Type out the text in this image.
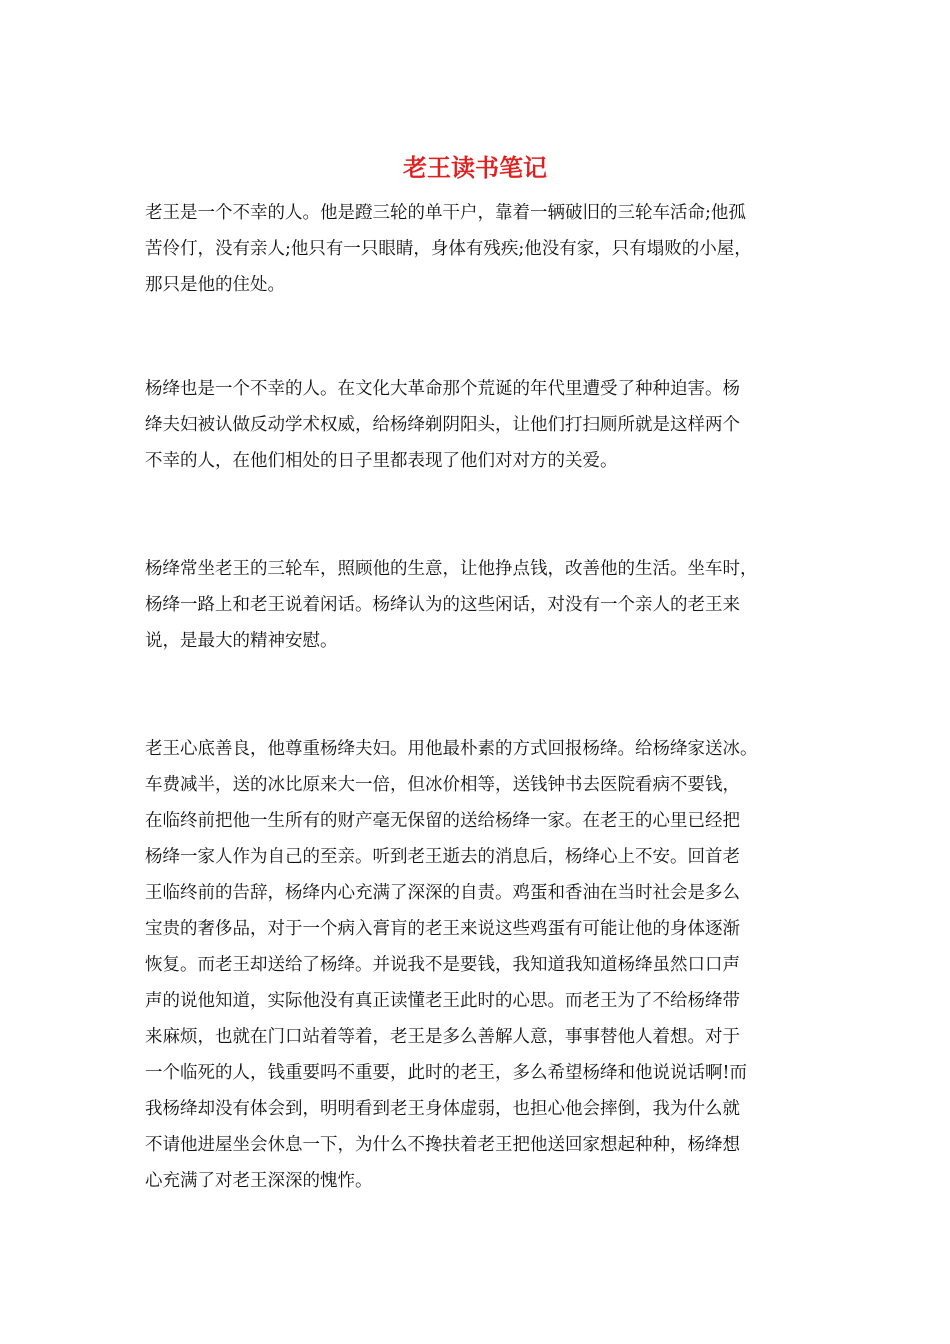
老王读书笔记
老王是一个不幸的人。他是蹬三轮的单干户，靠着一辆破旧的三轮车活命;他孤
苦伶仃，没有亲人;他只有一只眼睛，身体有残疾;他没有家，只有塌败的小屋，
那只是他的住处。
杨绛也是一个不幸的人。在文化大革命那个荒诞的年代里遭受了种种迫害。杨
绛夫妇被认做反动学术权威，给杨绛剃阴阳头，让他们打扫厕所就是这样两个
不幸的人，在他们相处的日子里都表现了他们对对方的关爱。
杨绛常坐老王的三轮车，照顾他的生意，让他挣点钱，改善他的生活。坐车时，
杨绛一路上和老王说着闲话。杨绛认为的这些闲话，对没有一个亲人的老王来
说，是最大的精神安慰。
老王心底善良，他尊重杨绛夫妇。用他最朴素的方式回报杨绛。给杨绛家送冰。
车费减半，送的冰比原来大一倍，但冰价相等，送钱钟书去医院看病不要钱，
在临终前把他一生所有的财产毫无保留的送给杨绛一家。在老王的心里已经把
杨绛一家人作为自己的至亲。听到老王逝去的消息后，杨绛心上不安。回首老
王临终前的告辞，杨绛内心充满了深深的自责。鸡蛋和香油在当时社会是多么
宝贵的奢侈品，对于一个病入膏肓的老王来说这些鸡蛋有可能让他的身体逐渐
恢复。而老王却送给了杨绛。并说我不是要钱，我知道我知道杨绛虽然口口声
声的说他知道，实际他没有真正读懂老王此时的心思。而老王为了不给杨绛带
来麻烦，也就在门口站着等着，老王是多么善解人意，事事替他人着想。对于
一个临死的人，钱重要吗不重要，此时的老王，多么希望杨绛和他说说话啊!而
我杨绛却没有体会到，明明看到老王身体虚弱，也担心他会摔倒，我为什么就
不请他进屋坐会休息一下，为什么不搀扶着老王把他送回家想起种种，杨绛想
心充满了对老王深深的愧怍。
